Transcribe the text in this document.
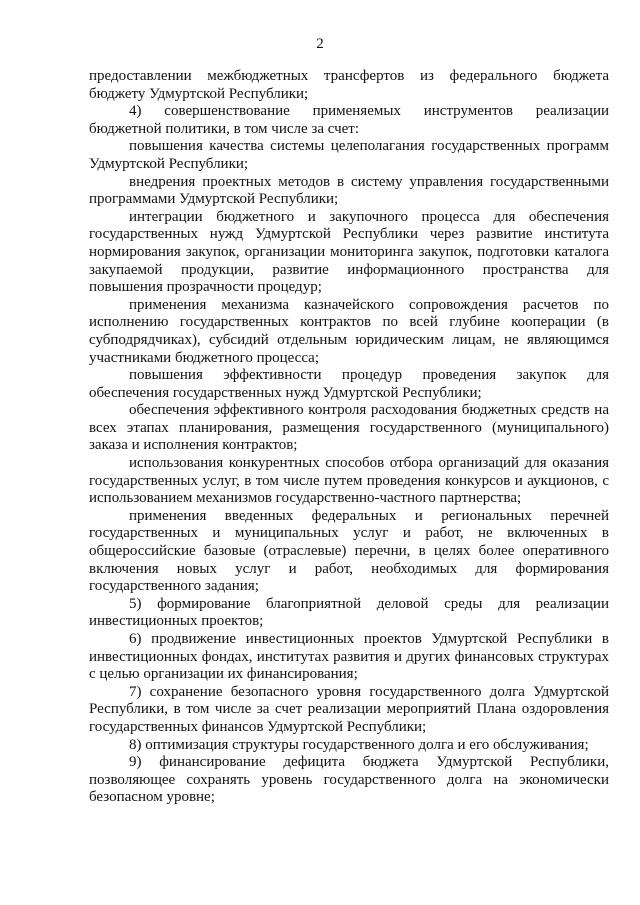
2

предоставлении межбюджетных трансфертов из федерального бюджета бюджету Удмуртской Республики;

4) совершенствование применяемых инструментов реализации бюджетной политики, в том числе за счет:

повышения качества системы целеполагания государственных программ Удмуртской Республики;

внедрения проектных методов в систему управления государственными программами Удмуртской Республики;

интеграции бюджетного и закупочного процесса для обеспечения государственных нужд Удмуртской Республики через развитие института нормирования закупок, организации мониторинга закупок, подготовки каталога закупаемой продукции, развитие информационного пространства для повышения прозрачности процедур;

применения механизма казначейского сопровождения расчетов по исполнению государственных контрактов по всей глубине кооперации (в субподрядчиках), субсидий отдельным юридическим лицам, не являющимся участниками бюджетного процесса;

повышения эффективности процедур проведения закупок для обеспечения государственных нужд Удмуртской Республики;

обеспечения эффективного контроля расходования бюджетных средств на всех этапах планирования, размещения государственного (муниципального) заказа и исполнения контрактов;

использования конкурентных способов отбора организаций для оказания государственных услуг, в том числе путем проведения конкурсов и аукционов, с использованием механизмов государственно-частного партнерства;

применения введенных федеральных и региональных перечней государственных и муниципальных услуг и работ, не включенных в общероссийские базовые (отраслевые) перечни, в целях более оперативного включения новых услуг и работ, необходимых для формирования государственного задания;

5) формирование благоприятной деловой среды для реализации инвестиционных проектов;

6) продвижение инвестиционных проектов Удмуртской Республики в инвестиционных фондах, институтах развития и других финансовых структурах с целью организации их финансирования;

7) сохранение безопасного уровня государственного долга Удмуртской Республики, в том числе за счет реализации мероприятий Плана оздоровления государственных финансов Удмуртской Республики;

8) оптимизация структуры государственного долга и его обслуживания;

9) финансирование дефицита бюджета Удмуртской Республики, позволяющее сохранять уровень государственного долга на экономически безопасном уровне;
